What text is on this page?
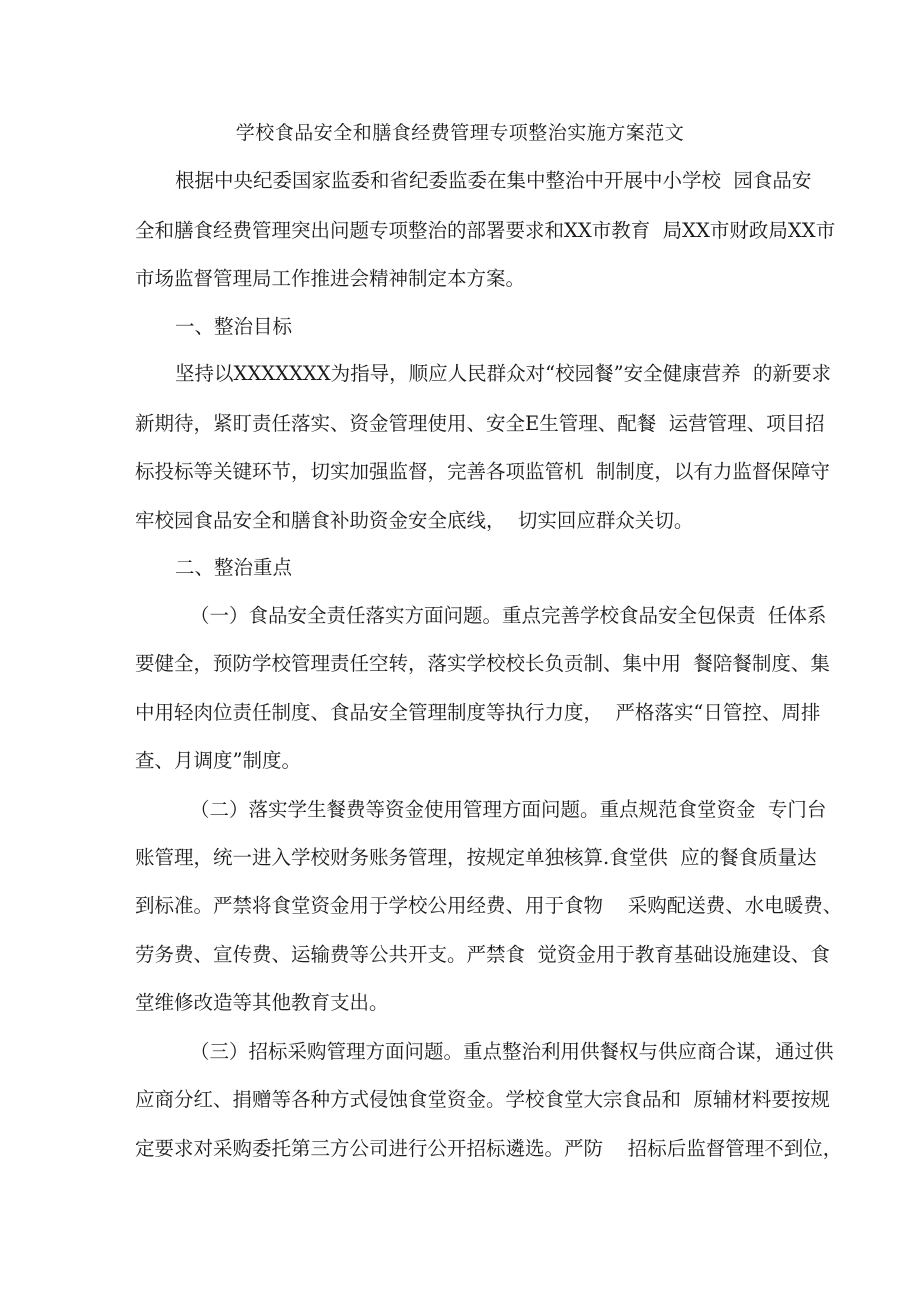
学校食品安全和膳食经费管理专项整治实施方案范文

根据中央纪委国家监委和省纪委监委在集中整治中开展中小学校  园食品安

全和膳食经费管理突出问题专项整治的部署要求和XX市教育  局XX市财政局XX市

市场监督管理局工作推进会精神制定本方案。

一、整治目标

坚持以XXXXXXX为指导，顺应人民群众对“校园餐”安全健康营养  的新要求

新期待，紧盯责任落实、资金管理使用、安全E生管理、配餐  运营管理、项目招

标投标等关键环节，切实加强监督，完善各项监管机  制制度，以有力监督保障守

牢校园食品安全和膳食补助资金安全底线，  切实回应群众关切。

二、整治重点

（一）食品安全责任落实方面问题。重点完善学校食品安全包保责  任体系

要健全，预防学校管理责任空转，落实学校校长负贡制、集中用  餐陪餐制度、集

中用轻肉位责任制度、食品安全管理制度等执行力度，  严格落实“日管控、周排

查、月调度”制度。

（二）落实学生餐费等资金使用管理方面问题。重点规范食堂资金  专门台

账管理，统一进入学校财务账务管理，按规定单独核算.食堂供  应的餐食质量达

到标准。严禁将食堂资金用于学校公用经费、用于食物    采购配送费、水电暖费、

劳务费、宣传费、运输费等公共开支。严禁食  觉资金用于教育基础设施建设、食

堂维修改造等其他教育支出。

（三）招标采购管理方面问题。重点整治利用供餐权与供应商合谋，通过供

应商分红、捐赠等各种方式侵蚀食堂资金。学校食堂大宗食品和  原辅材料要按规

定要求对采购委托第三方公司进行公开招标遴选。严防    招标后监督管理不到位，
